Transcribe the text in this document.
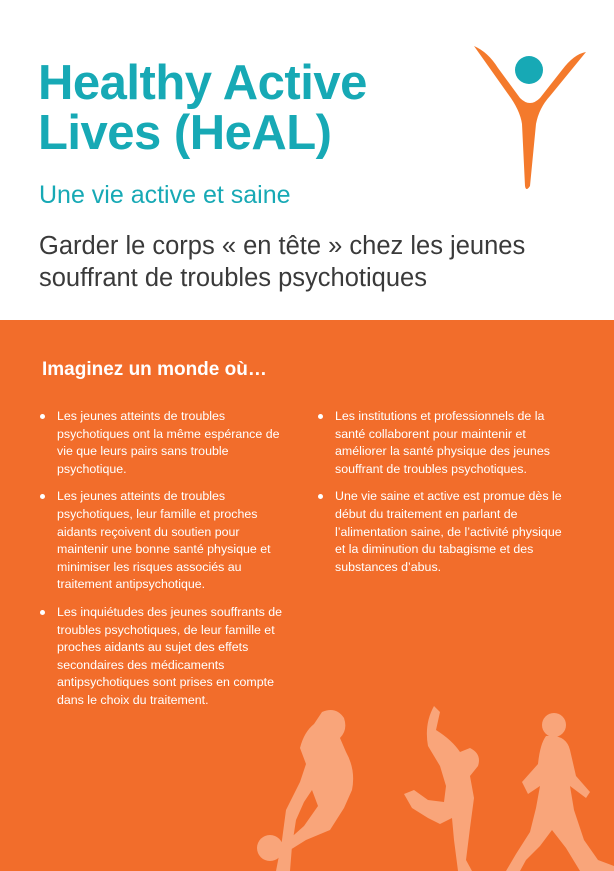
Healthy Active
Lives (HeAL)
Une vie active et saine
Garder le corps « en tête » chez les jeunes
souffrant de troubles psychotiques
Imaginez un monde où…
Les jeunes atteints de troubles psychotiques ont la même espérance de vie que leurs pairs sans trouble psychotique.
Les jeunes atteints de troubles psychotiques, leur famille et proches aidants reçoivent du soutien pour maintenir une bonne santé physique et minimiser les risques associés au traitement antipsychotique.
Les inquiétudes des jeunes souffrants de troubles psychotiques, de leur famille et proches aidants au sujet des effets secondaires des médicaments antipsychotiques sont prises en compte dans le choix du traitement.
Les institutions et professionnels de la santé collaborent pour maintenir et améliorer la santé physique des jeunes souffrant de troubles psychotiques.
Une vie saine et active est promue dès le début du traitement en parlant de l’alimentation saine, de l’activité physique et la diminution du tabagisme et des substances d’abus.
